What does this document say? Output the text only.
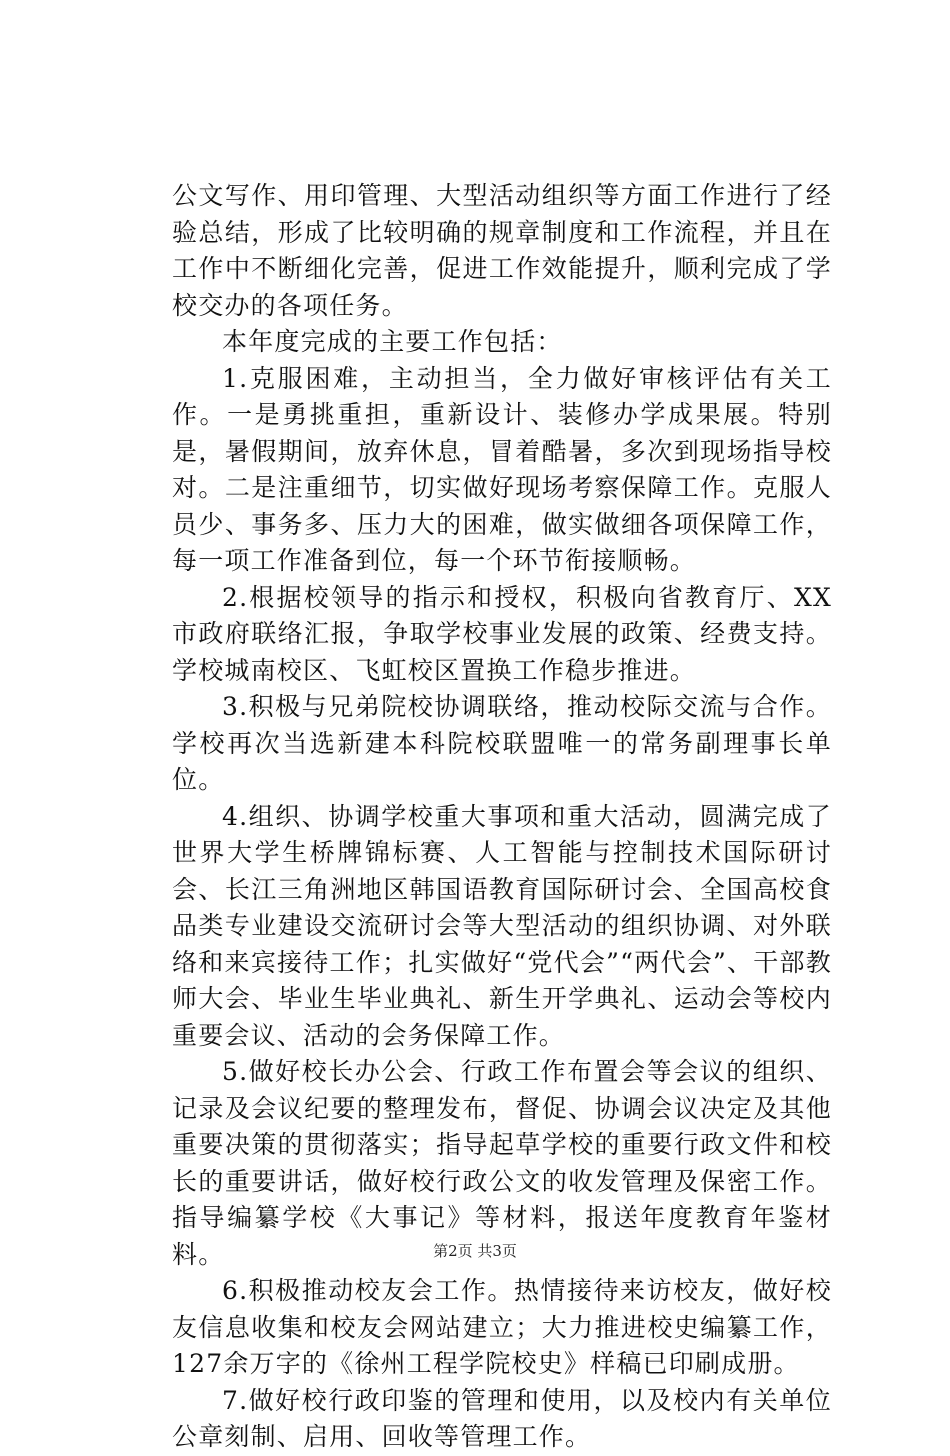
公文写作、用印管理、大型活动组织等方面工作进行了经验总结，形成了比较明确的规章制度和工作流程，并且在工作中不断细化完善，促进工作效能提升，顺利完成了学校交办的各项任务。

本年度完成的主要工作包括：

1.克服困难，主动担当，全力做好审核评估有关工作。一是勇挑重担，重新设计、装修办学成果展。特别是，暑假期间，放弃休息，冒着酷暑，多次到现场指导校对。二是注重细节，切实做好现场考察保障工作。克服人员少、事务多、压力大的困难，做实做细各项保障工作，每一项工作准备到位，每一个环节衔接顺畅。

2.根据校领导的指示和授权，积极向省教育厅、XX市政府联络汇报，争取学校事业发展的政策、经费支持。学校城南校区、飞虹校区置换工作稳步推进。

3.积极与兄弟院校协调联络，推动校际交流与合作。学校再次当选新建本科院校联盟唯一的常务副理事长单位。

4.组织、协调学校重大事项和重大活动，圆满完成了世界大学生桥牌锦标赛、人工智能与控制技术国际研讨会、长江三角洲地区韩国语教育国际研讨会、全国高校食品类专业建设交流研讨会等大型活动的组织协调、对外联络和来宾接待工作；扎实做好“党代会”“两代会”、干部教师大会、毕业生毕业典礼、新生开学典礼、运动会等校内重要会议、活动的会务保障工作。

5.做好校长办公会、行政工作布置会等会议的组织、记录及会议纪要的整理发布，督促、协调会议决定及其他重要决策的贯彻落实；指导起草学校的重要行政文件和校长的重要讲话，做好校行政公文的收发管理及保密工作。指导编纂学校《大事记》等材料，报送年度教育年鉴材料。

6.积极推动校友会工作。热情接待来访校友，做好校友信息收集和校友会网站建立；大力推进校史编纂工作，127余万字的《徐州工程学院校史》样稿已印刷成册。

7.做好校行政印鉴的管理和使用，以及校内有关单位公章刻制、启用、回收等管理工作。

第2页 共3页
